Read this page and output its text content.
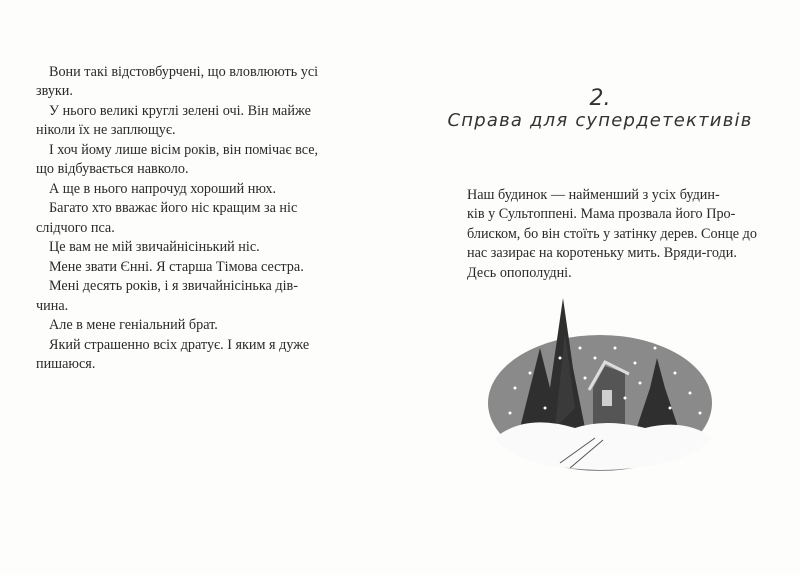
Вони такі відстовбурчені, що вловлюють усі
звуки.
У нього великі круглі зелені очі. Він майже
ніколи їх не заплющує.
І хоч йому лише вісім років, він помічає все,
що відбувається навколо.
А ще в нього напрочуд хороший нюх.
Багато хто вважає його ніс кращим за ніс
слідчого пса.
Це вам не мій звичайнісінький ніс.
Мене звати Єнні. Я старша Тімова сестра.
Мені десять років, і я звичайнісінька дів-
чина.
Але в мене геніальний брат.
Який страшенно всіх дратує. І яким я дуже
пишаюся.
2.
Справа для супердетективів
Наш будинок — найменший з усіх будин-
ків у Сультоппені. Мама прозвала його Про-
блиском, бо він стоїть у затінку дерев. Сонце до
нас зазирає на коротеньку мить. Вряди-годи.
Десь опополудні.
